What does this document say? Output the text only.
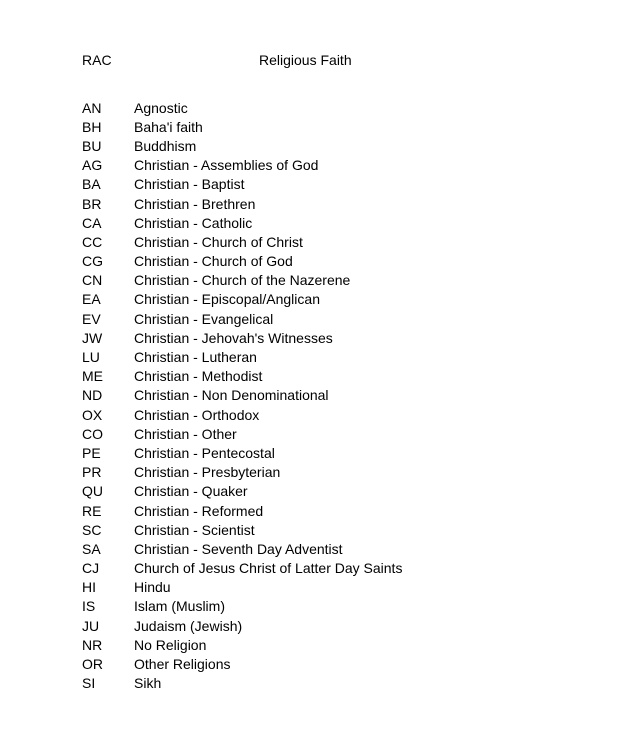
RAC	Religious Faith
AN	Agnostic
BH	Baha'i faith
BU	Buddhism
AG	Christian - Assemblies of God
BA	Christian - Baptist
BR	Christian - Brethren
CA	Christian - Catholic
CC	Christian - Church of Christ
CG	Christian - Church of God
CN	Christian - Church of the Nazerene
EA	Christian - Episcopal/Anglican
EV	Christian - Evangelical
JW	Christian - Jehovah's Witnesses
LU	Christian - Lutheran
ME	Christian - Methodist
ND	Christian - Non Denominational
OX	Christian - Orthodox
CO	Christian - Other
PE	Christian - Pentecostal
PR	Christian - Presbyterian
QU	Christian - Quaker
RE	Christian - Reformed
SC	Christian - Scientist
SA	Christian - Seventh Day Adventist
CJ	Church of Jesus Christ of Latter Day Saints
HI	Hindu
IS	Islam (Muslim)
JU	Judaism (Jewish)
NR	No Religion
OR	Other Religions
SI	Sikh
